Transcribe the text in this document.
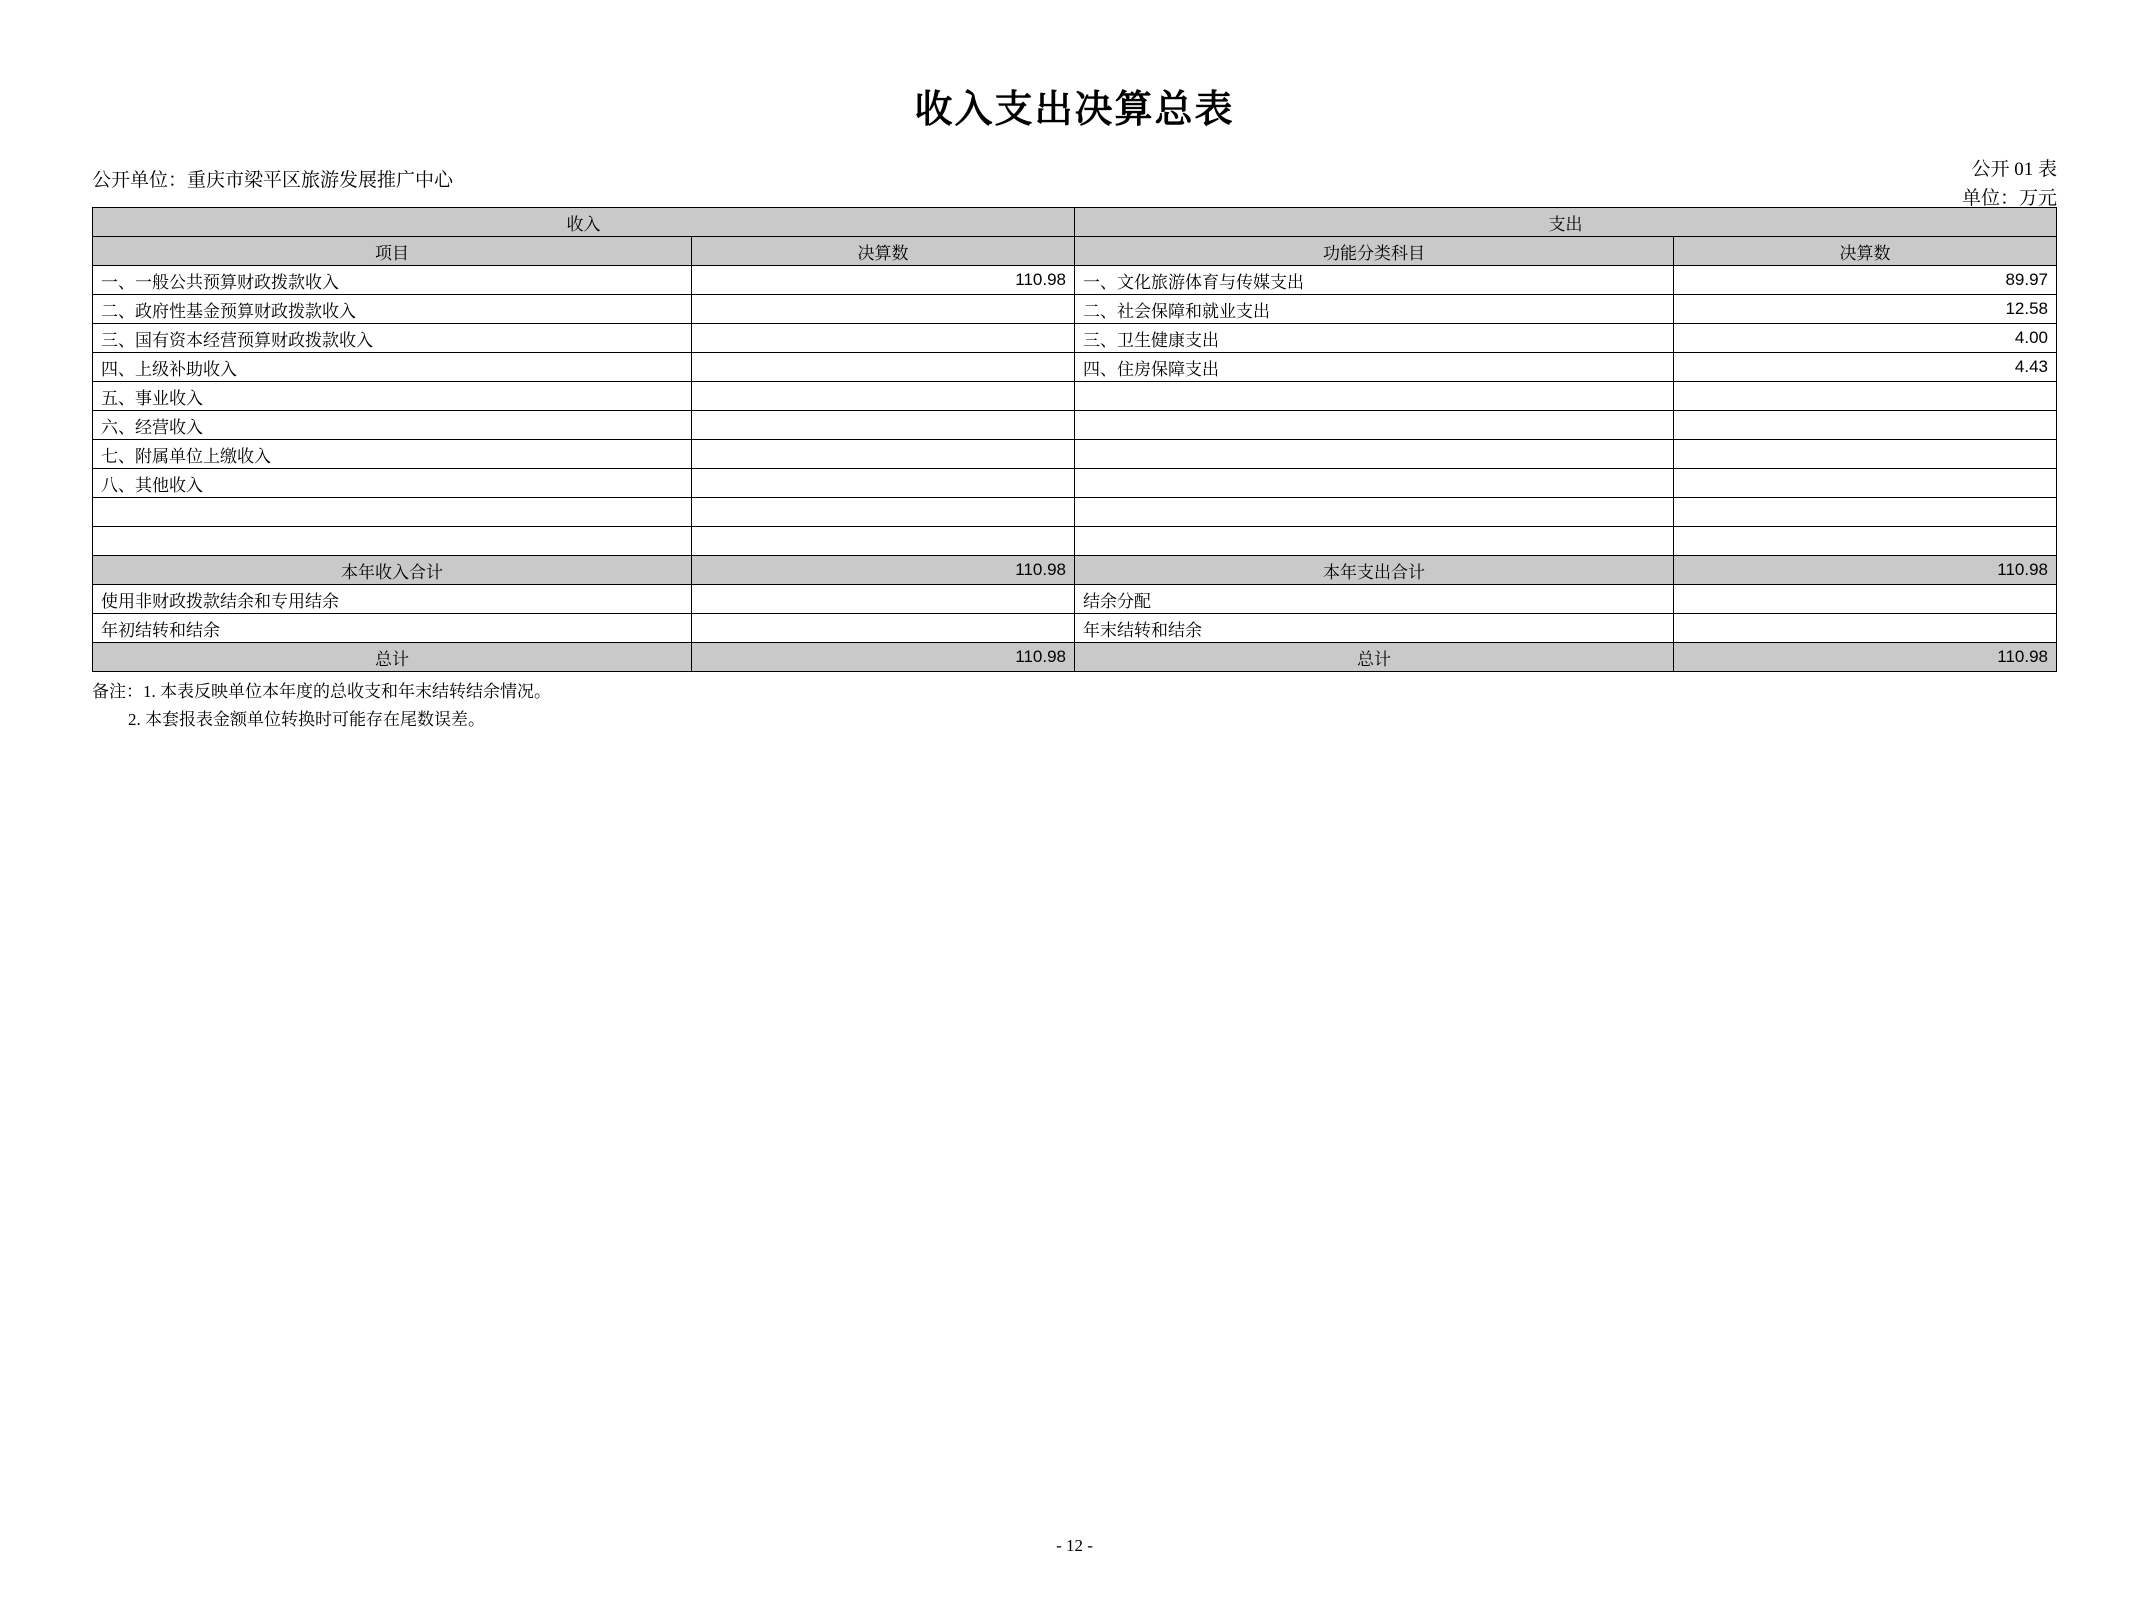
收入支出决算总表
公开 01 表
单位：万元
公开单位：重庆市梁平区旅游发展推广中心
收入		支出	
项目	决算数	功能分类科目	决算数
一、一般公共预算财政拨款收入	110.98	一、文化旅游体育与传媒支出	89.97
二、政府性基金预算财政拨款收入		二、社会保障和就业支出	12.58
三、国有资本经营预算财政拨款收入		三、卫生健康支出	4.00
四、上级补助收入		四、住房保障支出	4.43
五、事业收入			
六、经营收入			
七、附属单位上缴收入			
八、其他收入			

本年收入合计	110.98	本年支出合计	110.98
使用非财政拨款结余和专用结余		结余分配	
年初结转和结余		年末结转和结余	
总计	110.98	总计	110.98
备注：1. 本表反映单位本年度的总收支和年末结转结余情况。
2. 本套报表金额单位转换时可能存在尾数误差。
- 12 -
